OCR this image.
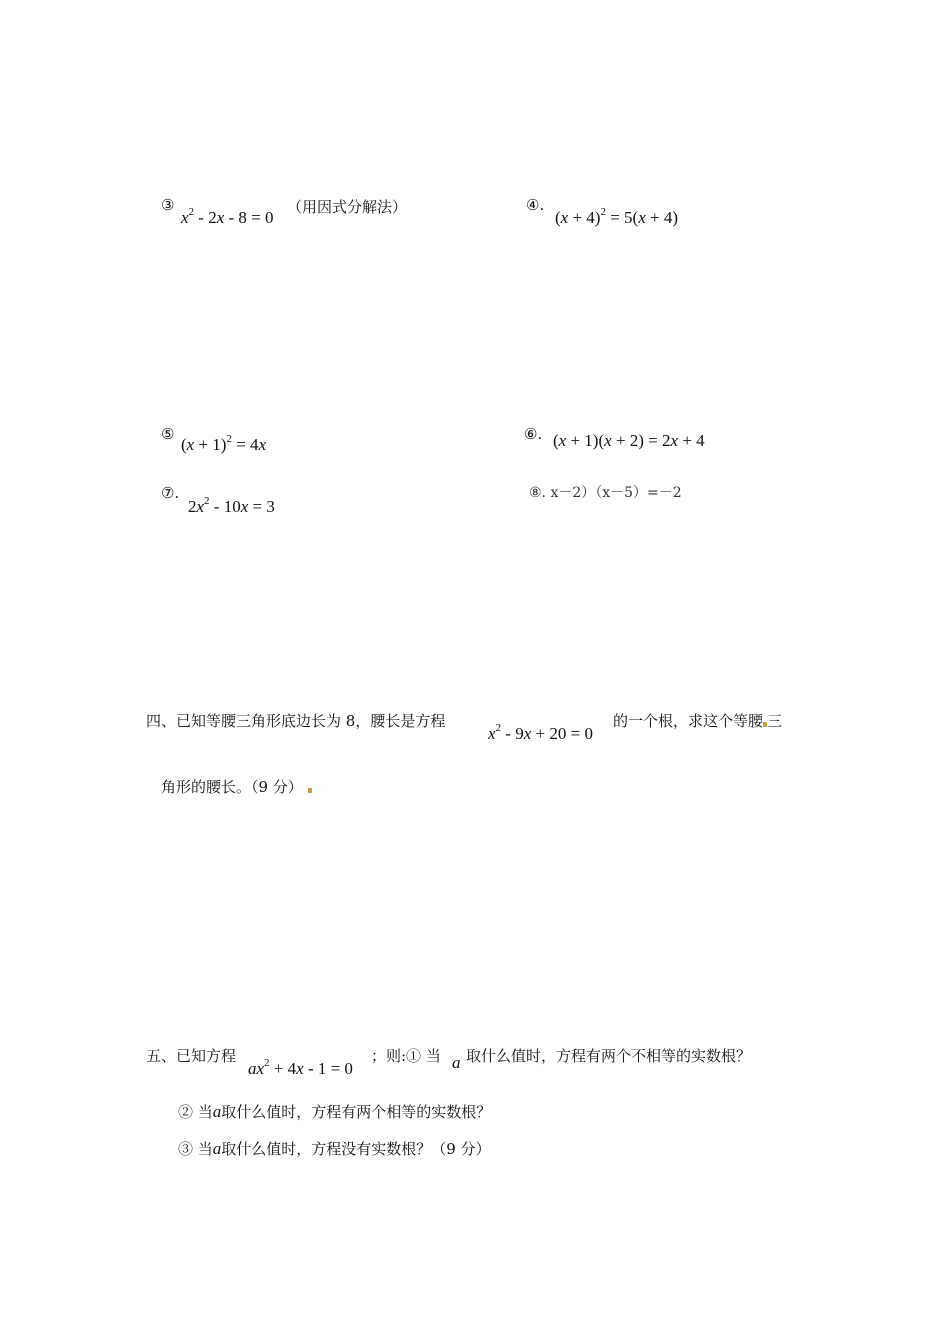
③
$x^2 - 2x - 8 = 0$
（用因式分解法）	④.
$(x + 4)^2 = 5(x + 4)$
⑤
$(x + 1)^2 = 4x$
⑥. (x + 1)(x + 2) = 2x + 4
⑦.
$2x^2 - 10x = 3$
⑧. x－2）（x－5）=－2
四、已知等腰三角形底边长为 8，腰长是方程
$x^2 - 9x + 20 = 0$
的一个根，求这个等腰 三
角形的腰长。（9 分）
五、已知方程
$ax^2 + 4x - 1 = 0$
；则:① 当 a 取什么值时，方程有两个不相等的实数根？
② 当a取什么值时，方程有两个相等的实数根？
③ 当a取什么值时，方程没有实数根？（9 分）
